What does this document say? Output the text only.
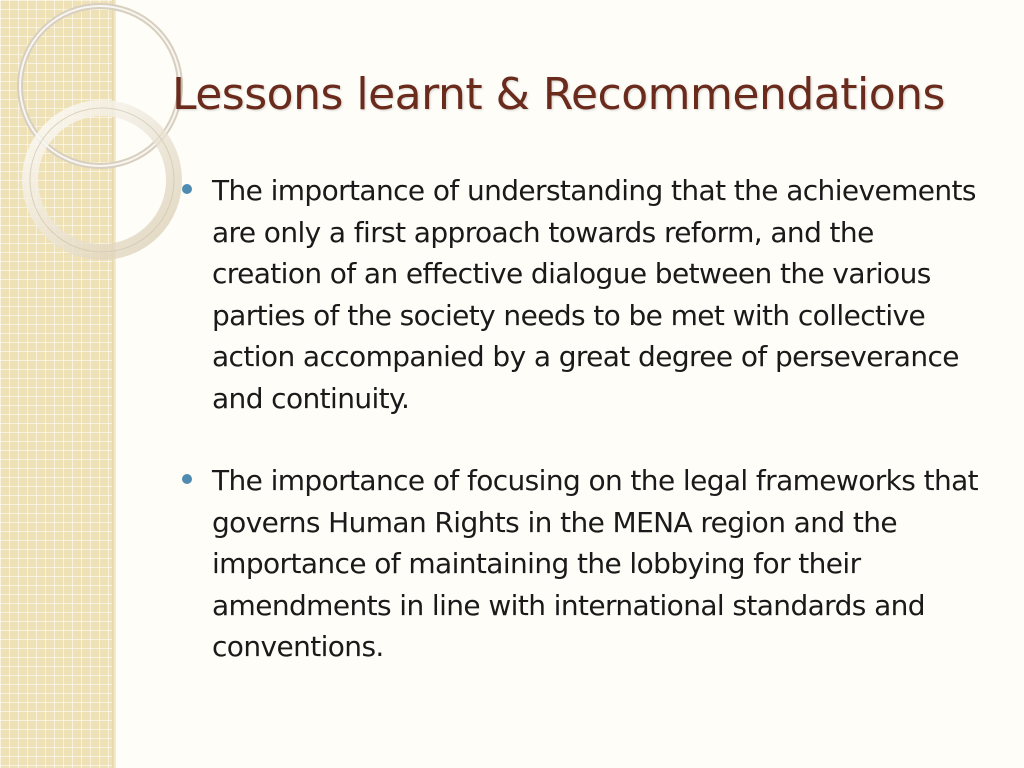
Lessons learnt & Recommendations
The importance of understanding that the achievements are only a first approach towards reform, and the creation of an effective dialogue between the various parties of the society needs to be met with collective action accompanied by a great degree of perseverance and continuity.
The importance of focusing on the legal frameworks that governs Human Rights in the MENA region and the importance of maintaining the lobbying for their amendments in line with international standards and conventions.
